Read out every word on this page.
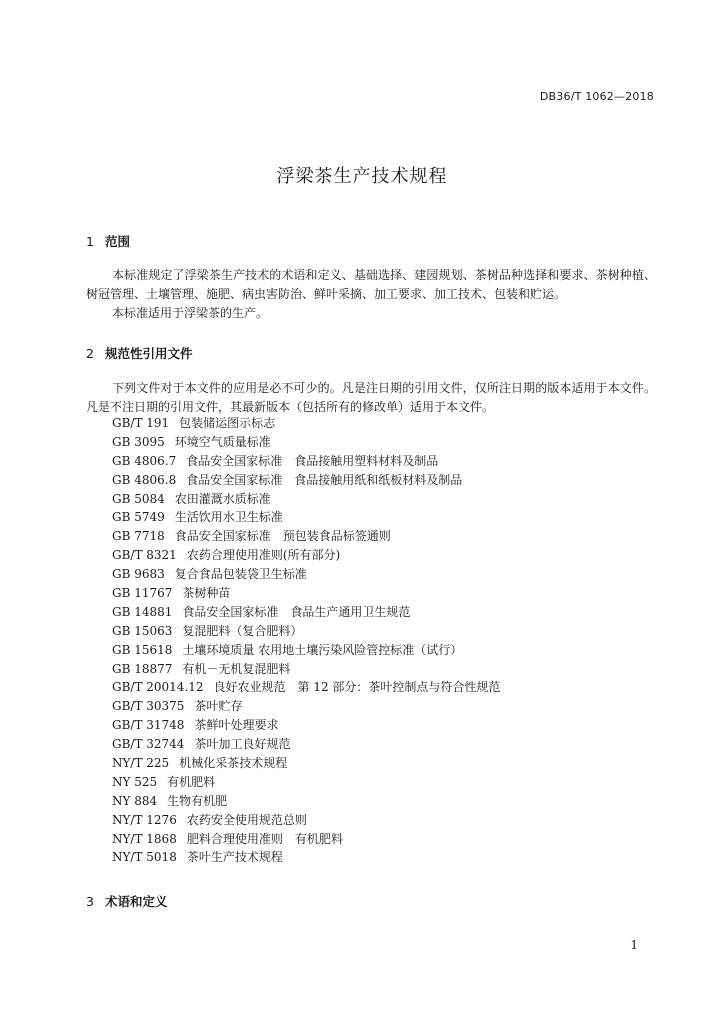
DB36/T 1062—2018
浮梁茶生产技术规程
1 范围
本标准规定了浮梁茶生产技术的术语和定义、基础选择、建园规划、茶树品种选择和要求、茶树种植、树冠管理、土壤管理、施肥、病虫害防治、鲜叶采摘、加工要求、加工技术、包装和贮运。
本标准适用于浮梁茶的生产。
2 规范性引用文件
下列文件对于本文件的应用是必不可少的。凡是注日期的引用文件，仅所注日期的版本适用于本文件。凡是不注日期的引用文件，其最新版本（包括所有的修改单）适用于本文件。
GB/T 191 包装储运图示标志
GB 3095 环境空气质量标准
GB 4806.7 食品安全国家标准　食品接触用塑料材料及制品
GB 4806.8 食品安全国家标准　食品接触用纸和纸板材料及制品
GB 5084 农田灌溉水质标准
GB 5749 生活饮用水卫生标准
GB 7718 食品安全国家标准　预包装食品标签通则
GB/T 8321 农药合理使用准则(所有部分)
GB 9683 复合食品包装袋卫生标准
GB 11767 茶树种苗
GB 14881 食品安全国家标准　食品生产通用卫生规范
GB 15063 复混肥料（复合肥料）
GB 15618 土壤环境质量 农用地土壤污染风险管控标准（试行）
GB 18877 有机－无机复混肥料
GB/T 20014.12 良好农业规范　第 12 部分：茶叶控制点与符合性规范
GB/T 30375 茶叶贮存
GB/T 31748 茶鲜叶处理要求
GB/T 32744 茶叶加工良好规范
NY/T 225 机械化采茶技术规程
NY 525 有机肥料
NY 884 生物有机肥
NY/T 1276 农药安全使用规范总则
NY/T 1868 肥料合理使用准则　有机肥料
NY/T 5018 茶叶生产技术规程
3 术语和定义
1
